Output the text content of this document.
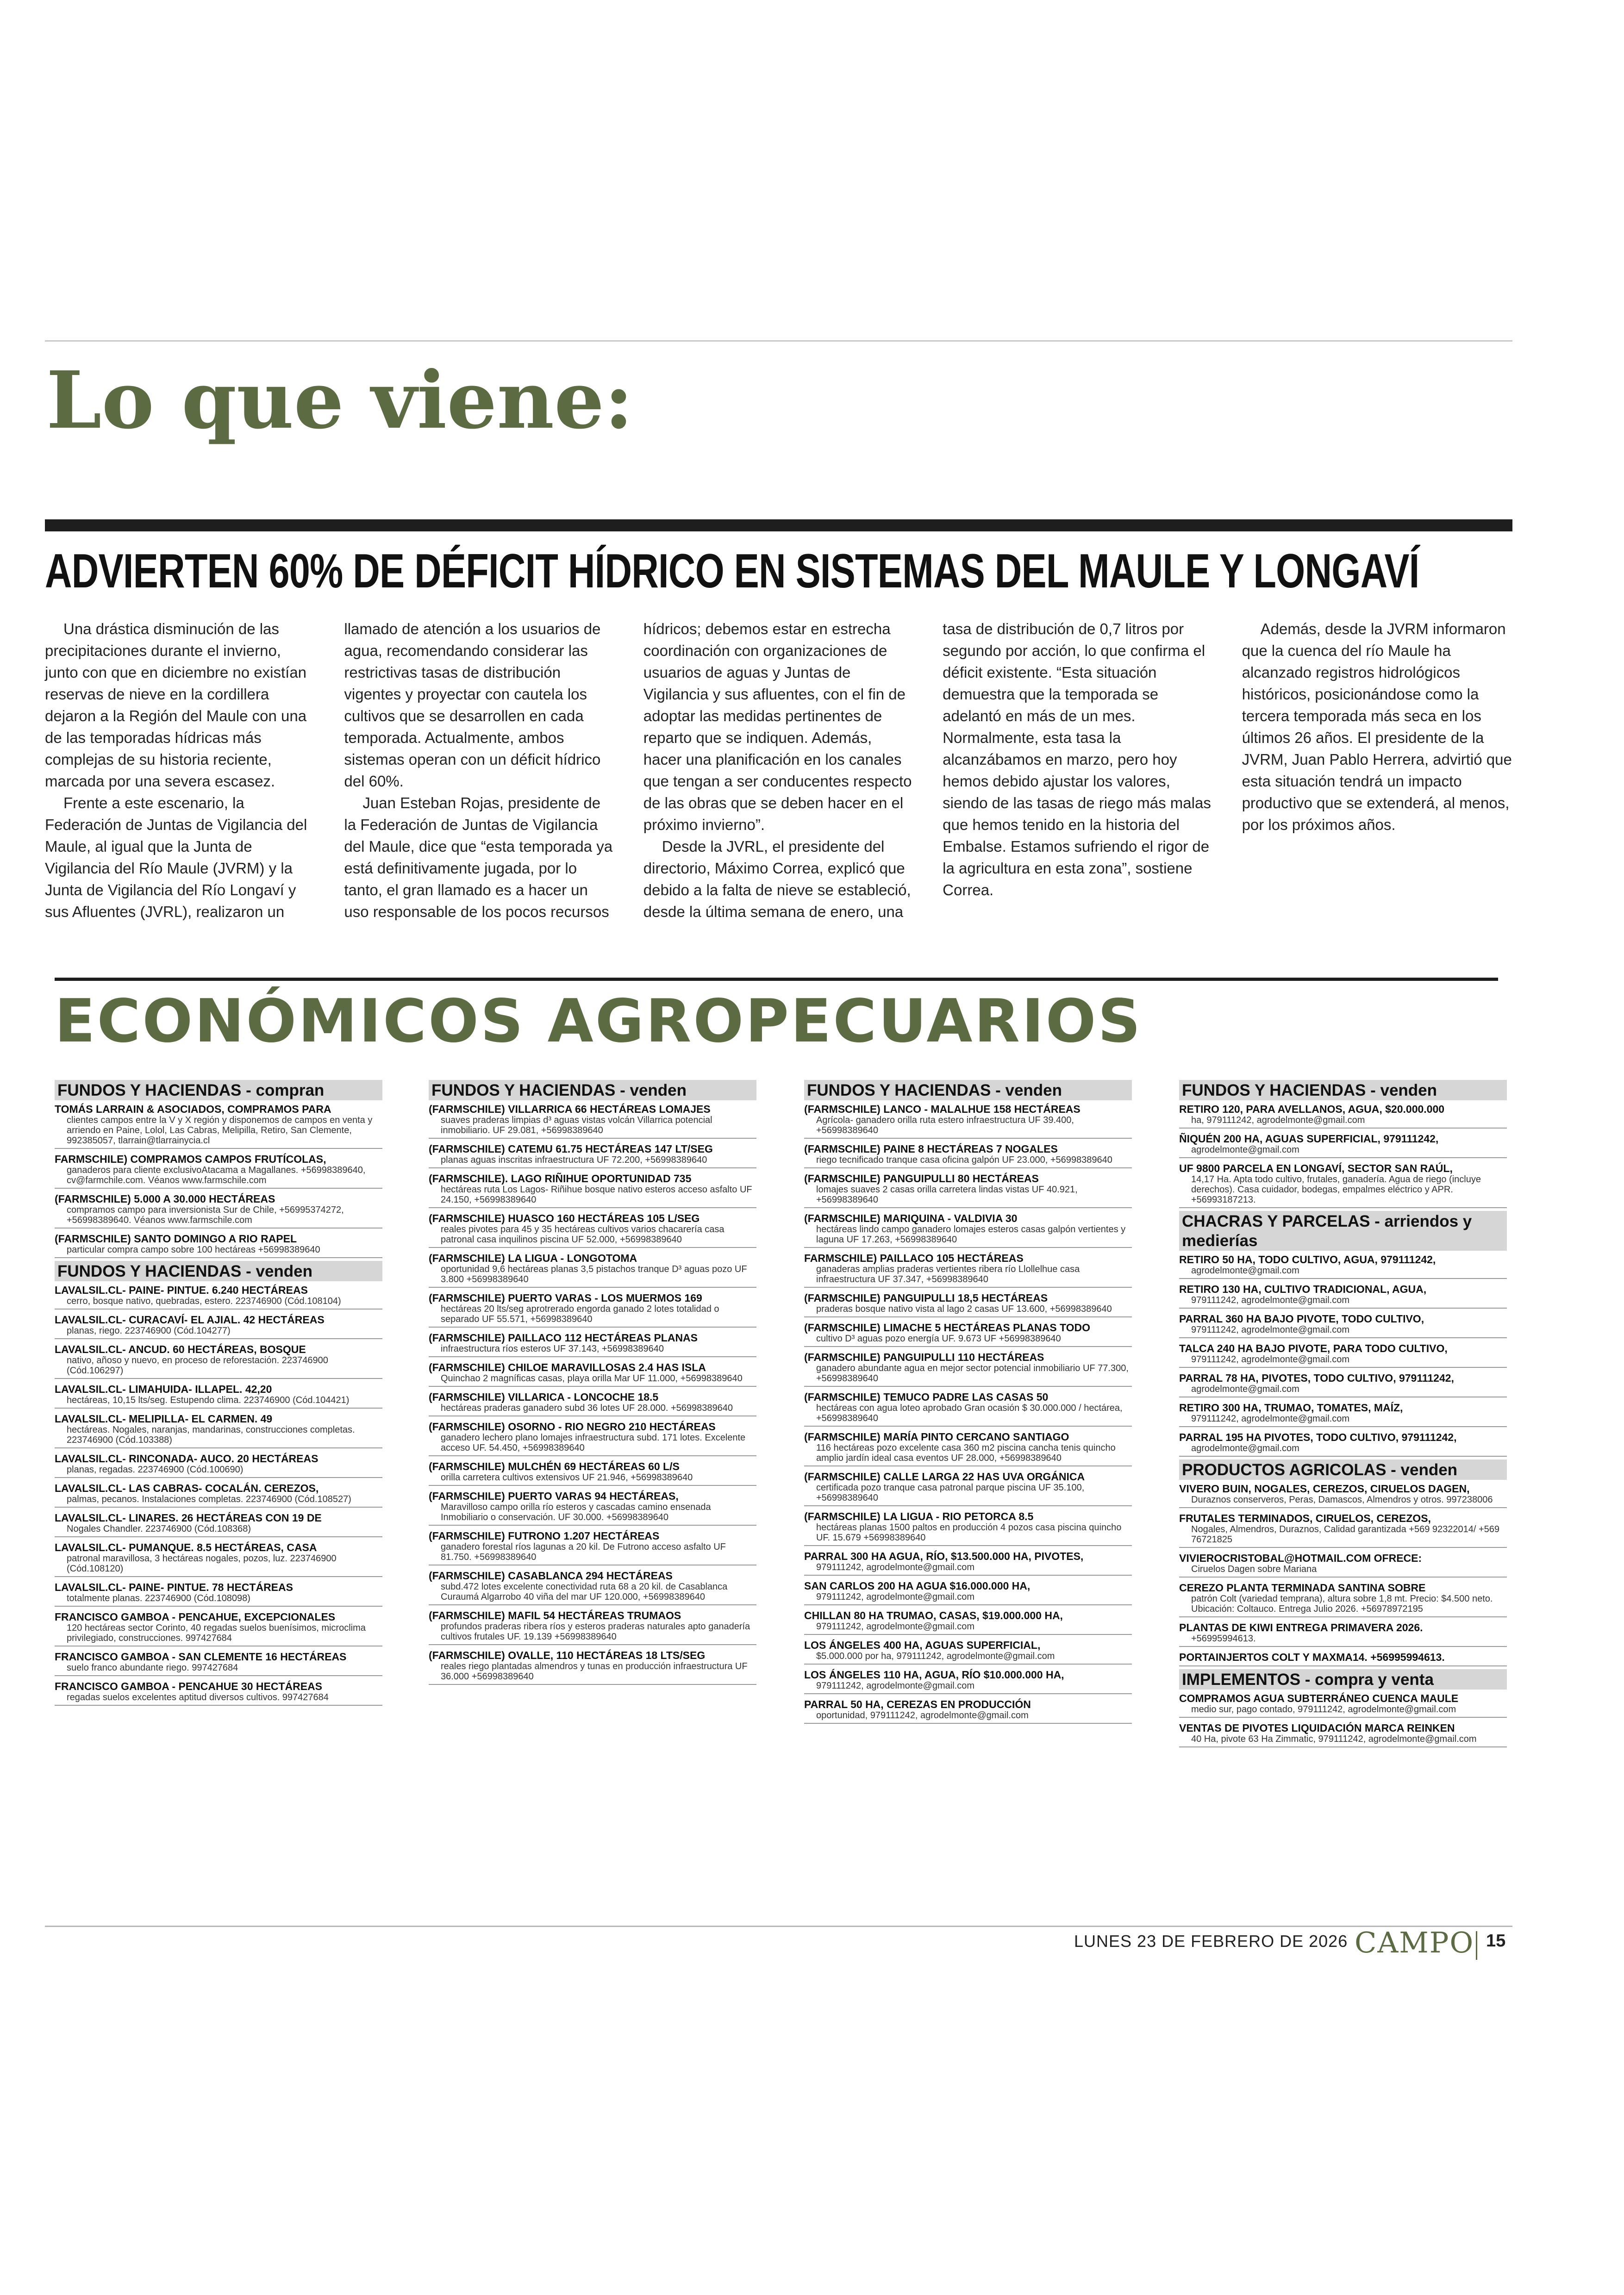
Lo que viene:
ADVIERTEN 60% DE DÉFICIT HÍDRICO EN SISTEMAS DEL MAULE Y LONGAVÍ

Una drástica disminución de las precipitaciones durante el invierno, junto con que en diciembre no existían reservas de nieve en la cordillera dejaron a la Región del Maule con una de las temporadas hídricas más complejas de su historia reciente, marcada por una severa escasez.

Frente a este escenario, la Federación de Juntas de Vigilancia del Maule, al igual que la Junta de Vigilancia del Río Maule (JVRM) y la Junta de Vigilancia del Río Longaví y sus Afluentes (JVRL), realizaron un llamado de atención a los usuarios de agua, recomendando considerar las restrictivas tasas de distribución vigentes y proyectar con cautela los cultivos que se desarrollen en cada temporada. Actualmente, ambos sistemas operan con un déficit hídrico del 60%.

Juan Esteban Rojas, presidente de la Federación de Juntas de Vigilancia del Maule, dice que “esta temporada ya está definitivamente jugada, por lo tanto, el gran llamado es a hacer un uso responsable de los pocos recursos hídricos; debemos estar en estrecha coordinación con organizaciones de usuarios de aguas y Juntas de Vigilancia y sus afluentes, con el fin de adoptar las medidas pertinentes de reparto que se indiquen. Además, hacer una planificación en los canales que tengan a ser conducentes respecto de las obras que se deben hacer en el próximo invierno”.

Desde la JVRL, el presidente del directorio, Máximo Correa, explicó que debido a la falta de nieve se estableció, desde la última semana de enero, una tasa de distribución de 0,7 litros por segundo por acción, lo que confirma el déficit existente. “Esta situación demuestra que la temporada se adelantó en más de un mes. Normalmente, esta tasa la alcanzábamos en marzo, pero hoy hemos debido ajustar los valores, siendo de las tasas de riego más malas que hemos tenido en la historia del Embalse. Estamos sufriendo el rigor de la agricultura en esta zona”, sostiene Correa.

Además, desde la JVRM informaron que la cuenca del río Maule ha alcanzado registros hidrológicos históricos, posicionándose como la tercera temporada más seca en los últimos 26 años. El presidente de la JVRM, Juan Pablo Herrera, advirtió que esta situación tendrá un impacto productivo que se extenderá, al menos, por los próximos años.

ECONÓMICOS AGROPECUARIOS
FUNDOS Y HACIENDAS - compran
TOMÁS LARRAIN & ASOCIADOS, COMPRAMOS PARA
clientes campos entre la V y X región y disponemos de campos en venta y arriendo en Paine, Lolol, Las Cabras, Melipilla, Retiro, San Clemente, 992385057, tlarrain@tlarrainycia.cl
FARMSCHILE) COMPRAMOS CAMPOS FRUTÍCOLAS,
ganaderos para cliente exclusivoAtacama a Magallanes. +56998389640, cv@farmchile.com. Véanos www.farmschile.com
(FARMSCHILE) 5.000 A 30.000 HECTÁREAS
compramos campo para inversionista Sur de Chile, +56995374272, +56998389640. Véanos www.farmschile.com
(FARMSCHILE) SANTO DOMINGO A RIO RAPEL
particular compra campo sobre 100 hectáreas +56998389640
FUNDOS Y HACIENDAS - venden
LAVALSIL.CL- PAINE- PINTUE. 6.240 HECTÁREAS
cerro, bosque nativo, quebradas, estero. 223746900 (Cód.108104)
LAVALSIL.CL- CURACAVÍ- EL AJIAL. 42 HECTÁREAS
planas, riego. 223746900 (Cód.104277)
LAVALSIL.CL- ANCUD. 60 HECTÁREAS, BOSQUE
nativo, añoso y nuevo, en proceso de reforestación. 223746900 (Cód.106297)
LAVALSIL.CL- LIMAHUIDA- ILLAPEL. 42,20
hectáreas, 10,15 lts/seg. Estupendo clima. 223746900 (Cód.104421)
LAVALSIL.CL- MELIPILLA- EL CARMEN. 49
hectáreas. Nogales, naranjas, mandarinas, construcciones completas. 223746900 (Cód.103388)
LAVALSIL.CL- RINCONADA- AUCO. 20 HECTÁREAS
planas, regadas. 223746900 (Cód.100690)
LAVALSIL.CL- LAS CABRAS- COCALÁN. CEREZOS,
palmas, pecanos. Instalaciones completas. 223746900 (Cód.108527)
LAVALSIL.CL- LINARES. 26 HECTÁREAS CON 19 DE
Nogales Chandler. 223746900 (Cód.108368)
LAVALSIL.CL- PUMANQUE. 8.5 HECTÁREAS, CASA
patronal maravillosa, 3 hectáreas nogales, pozos, luz. 223746900 (Cód.108120)
LAVALSIL.CL- PAINE- PINTUE. 78 HECTÁREAS
totalmente planas. 223746900 (Cód.108098)
FRANCISCO GAMBOA - PENCAHUE, EXCEPCIONALES
120 hectáreas sector Corinto, 40 regadas suelos buenísimos, microclima privilegiado, construcciones. 997427684
FRANCISCO GAMBOA - SAN CLEMENTE 16 HECTÁREAS
suelo franco abundante riego. 997427684
FRANCISCO GAMBOA - PENCAHUE 30 HECTÁREAS
regadas suelos excelentes aptitud diversos cultivos. 997427684
FUNDOS Y HACIENDAS - venden
(FARMSCHILE) VILLARRICA 66 HECTÁREAS LOMAJES
suaves praderas limpias d³ aguas vistas volcán Villarrica potencial inmobiliario. UF 29.081, +56998389640
(FARMSCHILE) CATEMU 61.75 HECTÁREAS 147 LT/SEG
planas aguas inscritas infraestructura UF 72.200, +56998389640
(FARMSCHILE). LAGO RIÑIHUE OPORTUNIDAD 735
hectáreas ruta Los Lagos- Riñihue bosque nativo esteros acceso asfalto UF 24.150, +56998389640
(FARMSCHILE) HUASCO 160 HECTÁREAS 105 L/SEG
reales pivotes para 45 y 35 hectáreas cultivos varios chacarería casa patronal casa inquilinos piscina UF 52.000, +56998389640
(FARMSCHILE) LA LIGUA - LONGOTOMA
oportunidad 9,6 hectáreas planas 3,5 pistachos tranque D³ aguas pozo UF 3.800 +56998389640
(FARMSCHILE) PUERTO VARAS - LOS MUERMOS 169
hectáreas 20 lts/seg aprotrerado engorda ganado 2 lotes totalidad o separado UF 55.571, +56998389640
(FARMSCHILE) PAILLACO 112 HECTÁREAS PLANAS
infraestructura ríos esteros UF 37.143, +56998389640
(FARMSCHILE) CHILOE MARAVILLOSAS 2.4 HAS ISLA
Quinchao 2 magníficas casas, playa orilla Mar UF 11.000, +56998389640
(FARMSCHILE) VILLARICA - LONCOCHE 18.5
hectáreas praderas ganadero subd 36 lotes UF 28.000. +56998389640
(FARMSCHILE) OSORNO - RIO NEGRO 210 HECTÁREAS
ganadero lechero plano lomajes infraestructura subd. 171 lotes. Excelente acceso UF. 54.450, +56998389640
(FARMSCHILE) MULCHÉN 69 HECTÁREAS 60 L/S
orilla carretera cultivos extensivos UF 21.946, +56998389640
(FARMSCHILE) PUERTO VARAS 94 HECTÁREAS,
Maravilloso campo orilla río esteros y cascadas camino ensenada Inmobiliario o conservación. UF 30.000. +56998389640
(FARMSCHILE) FUTRONO 1.207 HECTÁREAS
ganadero forestal ríos lagunas a 20 kil. De Futrono acceso asfalto UF 81.750. +56998389640
(FARMSCHILE) CASABLANCA 294 HECTÁREAS
subd.472 lotes excelente conectividad ruta 68 a 20 kil. de Casablanca Curaumá Algarrobo 40 viña del mar UF 120.000, +56998389640
(FARMSCHILE) MAFIL 54 HECTÁREAS TRUMAOS
profundos praderas ribera ríos y esteros praderas naturales apto ganadería cultivos frutales UF. 19.139 +56998389640
(FARMSCHILE) OVALLE, 110 HECTÁREAS 18 LTS/SEG
reales riego plantadas almendros y tunas en producción infraestructura UF 36.000 +56998389640
FUNDOS Y HACIENDAS - venden
(FARMSCHILE) LANCO - MALALHUE 158 HECTÁREAS
Agrícola- ganadero orilla ruta estero infraestructura UF 39.400, +56998389640
(FARMSCHILE) PAINE 8 HECTÁREAS 7 NOGALES
riego tecnificado tranque casa oficina galpón UF 23.000, +56998389640
(FARMSCHILE) PANGUIPULLI 80 HECTÁREAS
lomajes suaves 2 casas orilla carretera lindas vistas UF 40.921, +56998389640
(FARMSCHILE) MARIQUINA - VALDIVIA 30
hectáreas lindo campo ganadero lomajes esteros casas galpón vertientes y laguna UF 17.263, +56998389640
FARMSCHILE) PAILLACO 105 HECTÁREAS
ganaderas amplias praderas vertientes ribera río Llollelhue casa infraestructura UF 37.347, +56998389640
(FARMSCHILE) PANGUIPULLI 18,5 HECTÁREAS
praderas bosque nativo vista al lago 2 casas UF 13.600, +56998389640
(FARMSCHILE) LIMACHE 5 HECTÁREAS PLANAS TODO
cultivo D³ aguas pozo energía UF. 9.673 UF +56998389640
(FARMSCHILE) PANGUIPULLI 110 HECTÁREAS
ganadero abundante agua en mejor sector potencial inmobiliario UF 77.300, +56998389640
(FARMSCHILE) TEMUCO PADRE LAS CASAS 50
hectáreas con agua loteo aprobado Gran ocasión $ 30.000.000 / hectárea, +56998389640
(FARMSCHILE) MARÍA PINTO CERCANO SANTIAGO
116 hectáreas pozo excelente casa 360 m2 piscina cancha tenis quincho amplio jardín ideal casa eventos UF 28.000, +56998389640
(FARMSCHILE) CALLE LARGA 22 HAS UVA ORGÁNICA
certificada pozo tranque casa patronal parque piscina UF 35.100, +56998389640
(FARMSCHILE) LA LIGUA - RIO PETORCA 8.5
hectáreas planas 1500 paltos en producción 4 pozos casa piscina quincho UF. 15.679 +56998389640
PARRAL 300 HA AGUA, RÍO, $13.500.000 HA, PIVOTES,
979111242, agrodelmonte@gmail.com
SAN CARLOS 200 HA AGUA $16.000.000 HA,
979111242, agrodelmonte@gmail.com
CHILLAN 80 HA TRUMAO, CASAS, $19.000.000 HA,
979111242, agrodelmonte@gmail.com
LOS ÁNGELES 400 HA, AGUAS SUPERFICIAL,
$5.000.000 por ha, 979111242, agrodelmonte@gmail.com
LOS ÁNGELES 110 HA, AGUA, RÍO $10.000.000 HA,
979111242, agrodelmonte@gmail.com
PARRAL 50 HA, CEREZAS EN PRODUCCIÓN
oportunidad, 979111242, agrodelmonte@gmail.com
FUNDOS Y HACIENDAS - venden
RETIRO 120, PARA AVELLANOS, AGUA, $20.000.000
ha, 979111242, agrodelmonte@gmail.com
ÑIQUÉN 200 HA, AGUAS SUPERFICIAL, 979111242,
agrodelmonte@gmail.com
UF 9800 PARCELA EN LONGAVÍ, SECTOR SAN RAÚL,
14,17 Ha. Apta todo cultivo, frutales, ganadería. Agua de riego (incluye derechos). Casa cuidador, bodegas, empalmes eléctrico y APR. +56993187213.
CHACRAS Y PARCELAS - arriendos y medierías
RETIRO 50 HA, TODO CULTIVO, AGUA, 979111242,
agrodelmonte@gmail.com
RETIRO 130 HA, CULTIVO TRADICIONAL, AGUA,
979111242, agrodelmonte@gmail.com
PARRAL 360 HA BAJO PIVOTE, TODO CULTIVO,
979111242, agrodelmonte@gmail.com
TALCA 240 HA BAJO PIVOTE, PARA TODO CULTIVO,
979111242, agrodelmonte@gmail.com
PARRAL 78 HA, PIVOTES, TODO CULTIVO, 979111242,
agrodelmonte@gmail.com
RETIRO 300 HA, TRUMAO, TOMATES, MAÍZ,
979111242, agrodelmonte@gmail.com
PARRAL 195 HA PIVOTES, TODO CULTIVO, 979111242,
agrodelmonte@gmail.com
PRODUCTOS AGRICOLAS - venden
VIVERO BUIN, NOGALES, CEREZOS, CIRUELOS DAGEN,
Duraznos conserveros, Peras, Damascos, Almendros y otros. 997238006
FRUTALES TERMINADOS, CIRUELOS, CEREZOS,
Nogales, Almendros, Duraznos, Calidad garantizada +569 92322014/ +569 76721825
VIVIEROCRISTOBAL@HOTMAIL.COM OFRECE:
Ciruelos Dagen sobre Mariana
CEREZO PLANTA TERMINADA SANTINA SOBRE
patrón Colt (variedad temprana), altura sobre 1,8 mt. Precio: $4.500 neto. Ubicación: Coltauco. Entrega Julio 2026. +56978972195
PLANTAS DE KIWI ENTREGA PRIMAVERA 2026.
+56995994613.
PORTAINJERTOS COLT Y MAXMA14. +56995994613.
IMPLEMENTOS - compra y venta
COMPRAMOS AGUA SUBTERRÁNEO CUENCA MAULE
medio sur, pago contado, 979111242, agrodelmonte@gmail.com
VENTAS DE PIVOTES LIQUIDACIÓN MARCA REINKEN
40 Ha, pivote 63 Ha Zimmatic, 979111242, agrodelmonte@gmail.com
LUNES 23 DE FEBRERO DE 2026 CAMPO 15
